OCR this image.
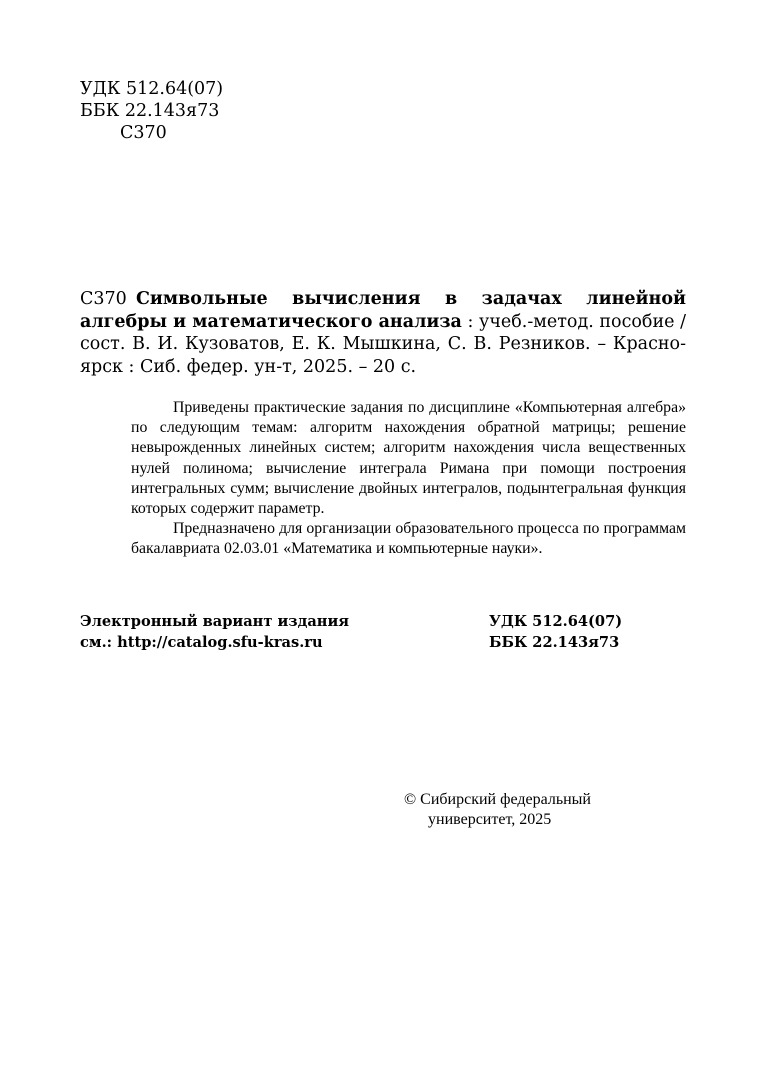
УДК 512.64(07)
ББК 22.143я73
С370
С370 Символьные вычисления в задачах линейной алгебры и математического анализа : учеб.-метод. пособие / сост. В. И. Кузоватов, Е. К. Мышкина, С. В. Резников. – Красно-ярск : Сиб. федер. ун-т, 2025. – 20 с.

Приведены практические задания по дисциплине «Компьютерная алгебра» по следующим темам: алгоритм нахождения обратной матрицы; решение невырожденных линейных систем; алгоритм нахождения числа вещественных нулей полинома; вычисление интеграла Римана при помощи построения интегральных сумм; вычисление двойных интегралов, подынтегральная функция которых содержит параметр.

Предназначено для организации образовательного процесса по программам бакалавриата 02.03.01 «Математика и компьютерные науки».

Электронный вариант издания
см.: http://catalog.sfu-kras.ru
УДК 512.64(07)
ББК 22.143я73
© Сибирский федеральный
университет, 2025
